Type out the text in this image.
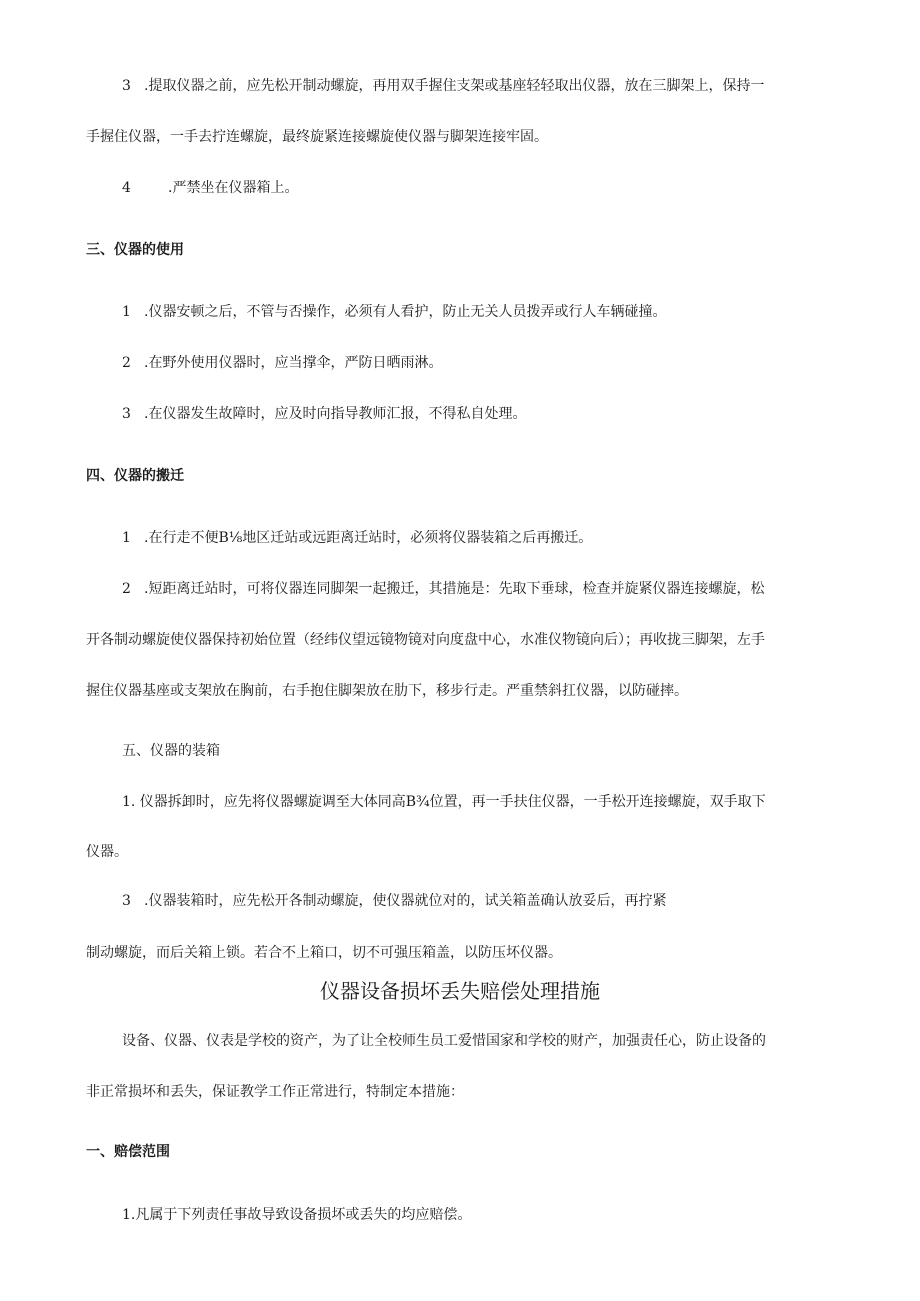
3 .提取仪器之前，应先松开制动螺旋，再用双手握住支架或基座轻轻取出仪器，放在三脚架上，保持一
手握住仪器，一手去拧连螺旋，最终旋紧连接螺旋使仪器与脚架连接牢固。
4	.严禁坐在仪器箱上。
三、仪器的使用
1 .仪器安顿之后，不管与否操作，必须有人看护，防止无关人员拨弄或行人车辆碰撞。
2 .在野外使用仪器时，应当撑伞，严防日晒雨淋。
3 .在仪器发生故障时，应及时向指导教师汇报，不得私自处理。
四、仪器的搬迁
1 .在行走不便B⅛地区迁站或远距离迁站时，必须将仪器装箱之后再搬迁。
2 .短距离迁站时，可将仪器连同脚架一起搬迁，其措施是：先取下垂球，检查并旋紧仪器连接螺旋，松
开各制动螺旋使仪器保持初始位置（经纬仪望远镜物镜对向度盘中心，水准仪物镜向后）；再收拢三脚架，左手
握住仪器基座或支架放在胸前，右手抱住脚架放在肋下，移步行走。严重禁斜扛仪器，以防碰摔。
五、仪器的装箱
1. 仪器拆卸时，应先将仪器螺旋调至大体同高B¾位置，再一手扶住仪器，一手松开连接螺旋，双手取下
仪器。
3 .仪器装箱时，应先松开各制动螺旋，使仪器就位对的，试关箱盖确认放妥后，再拧紧
制动螺旋，而后关箱上锁。若合不上箱口，切不可强压箱盖，以防压坏仪器。
仪器设备损坏丢失赔偿处理措施
设备、仪器、仪表是学校的资产，为了让全校师生员工爱惜国家和学校的财产，加强责任心，防止设备的
非正常损坏和丢失，保证教学工作正常进行，特制定本措施：
一、赔偿范围
1.凡属于下列责任事故导致设备损坏或丢失的均应赔偿。
